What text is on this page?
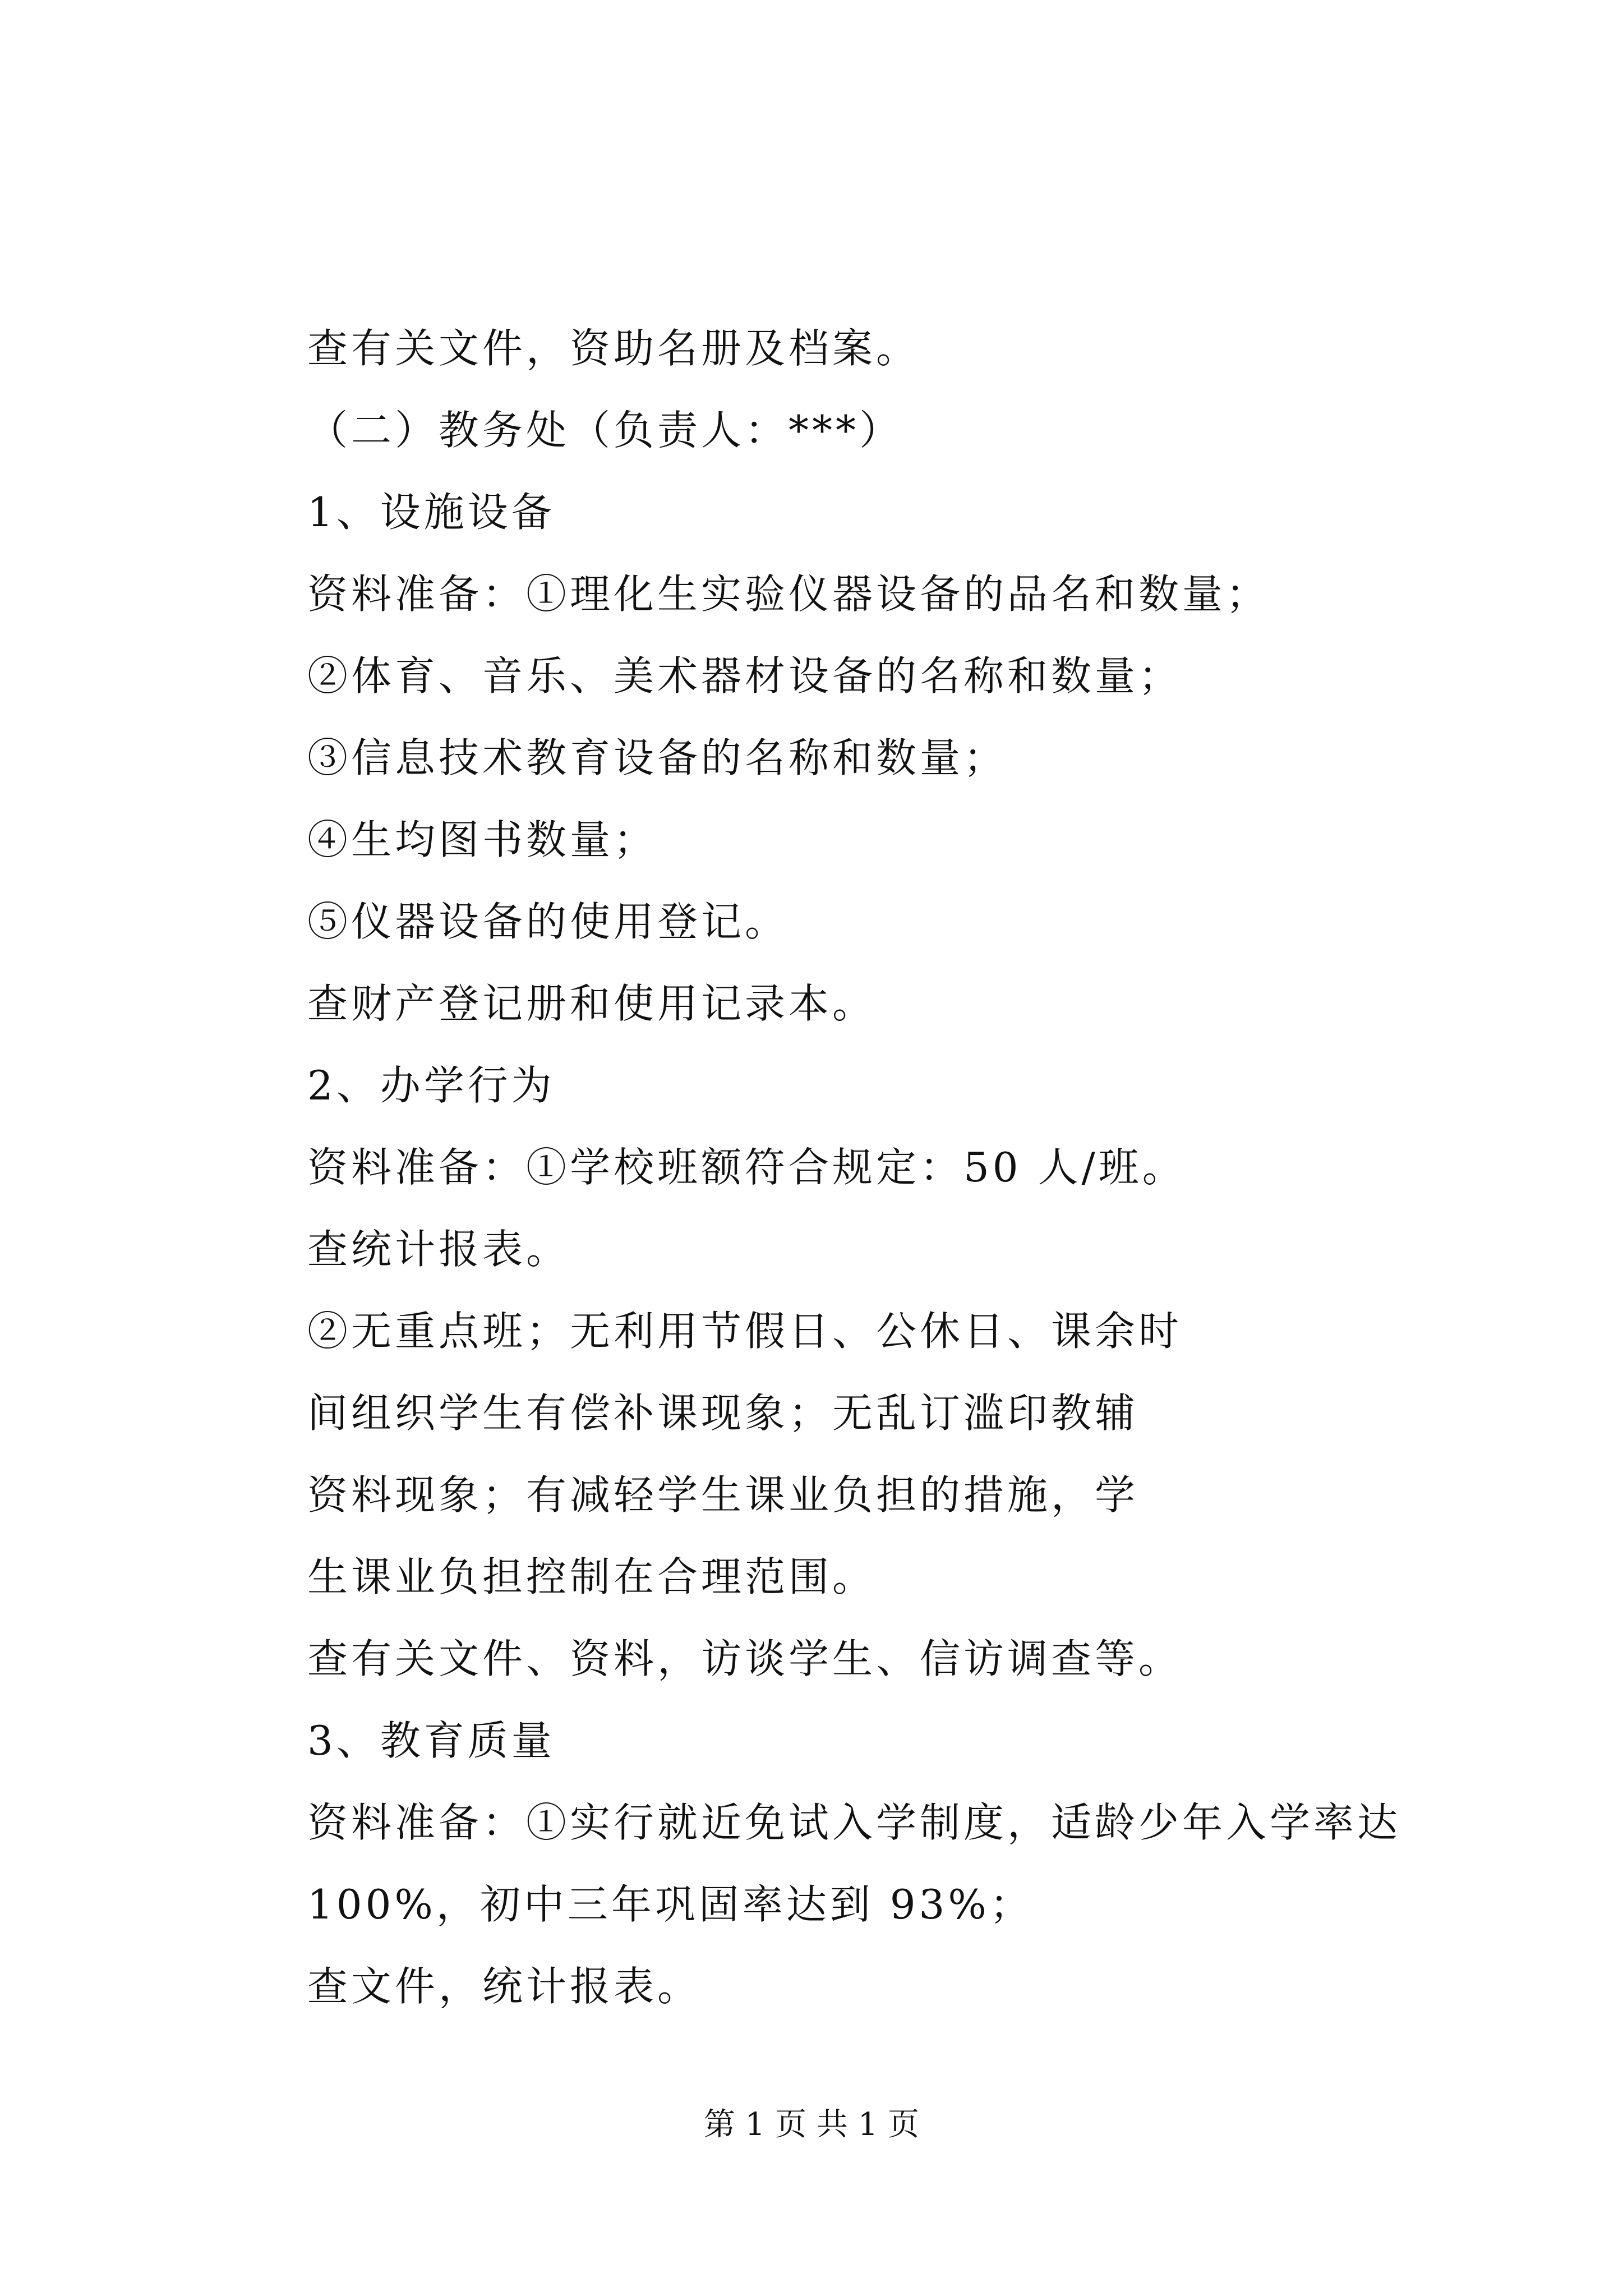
查有关文件，资助名册及档案。
（二）教务处（负责人：***）
1、设施设备
资料准备：①理化生实验仪器设备的品名和数量；
②体育、音乐、美术器材设备的名称和数量；
③信息技术教育设备的名称和数量；
④生均图书数量；
⑤仪器设备的使用登记。
查财产登记册和使用记录本。
2、办学行为
资料准备：①学校班额符合规定：50 人/班。
查统计报表。
②无重点班；无利用节假日、公休日、课余时
间组织学生有偿补课现象；无乱订滥印教辅
资料现象；有减轻学生课业负担的措施，学
生课业负担控制在合理范围。
查有关文件、资料，访谈学生、信访调查等。
3、教育质量
资料准备：①实行就近免试入学制度，适龄少年入学率达
100%，初中三年巩固率达到 93%；
查文件，统计报表。
第 1 页 共 1 页
